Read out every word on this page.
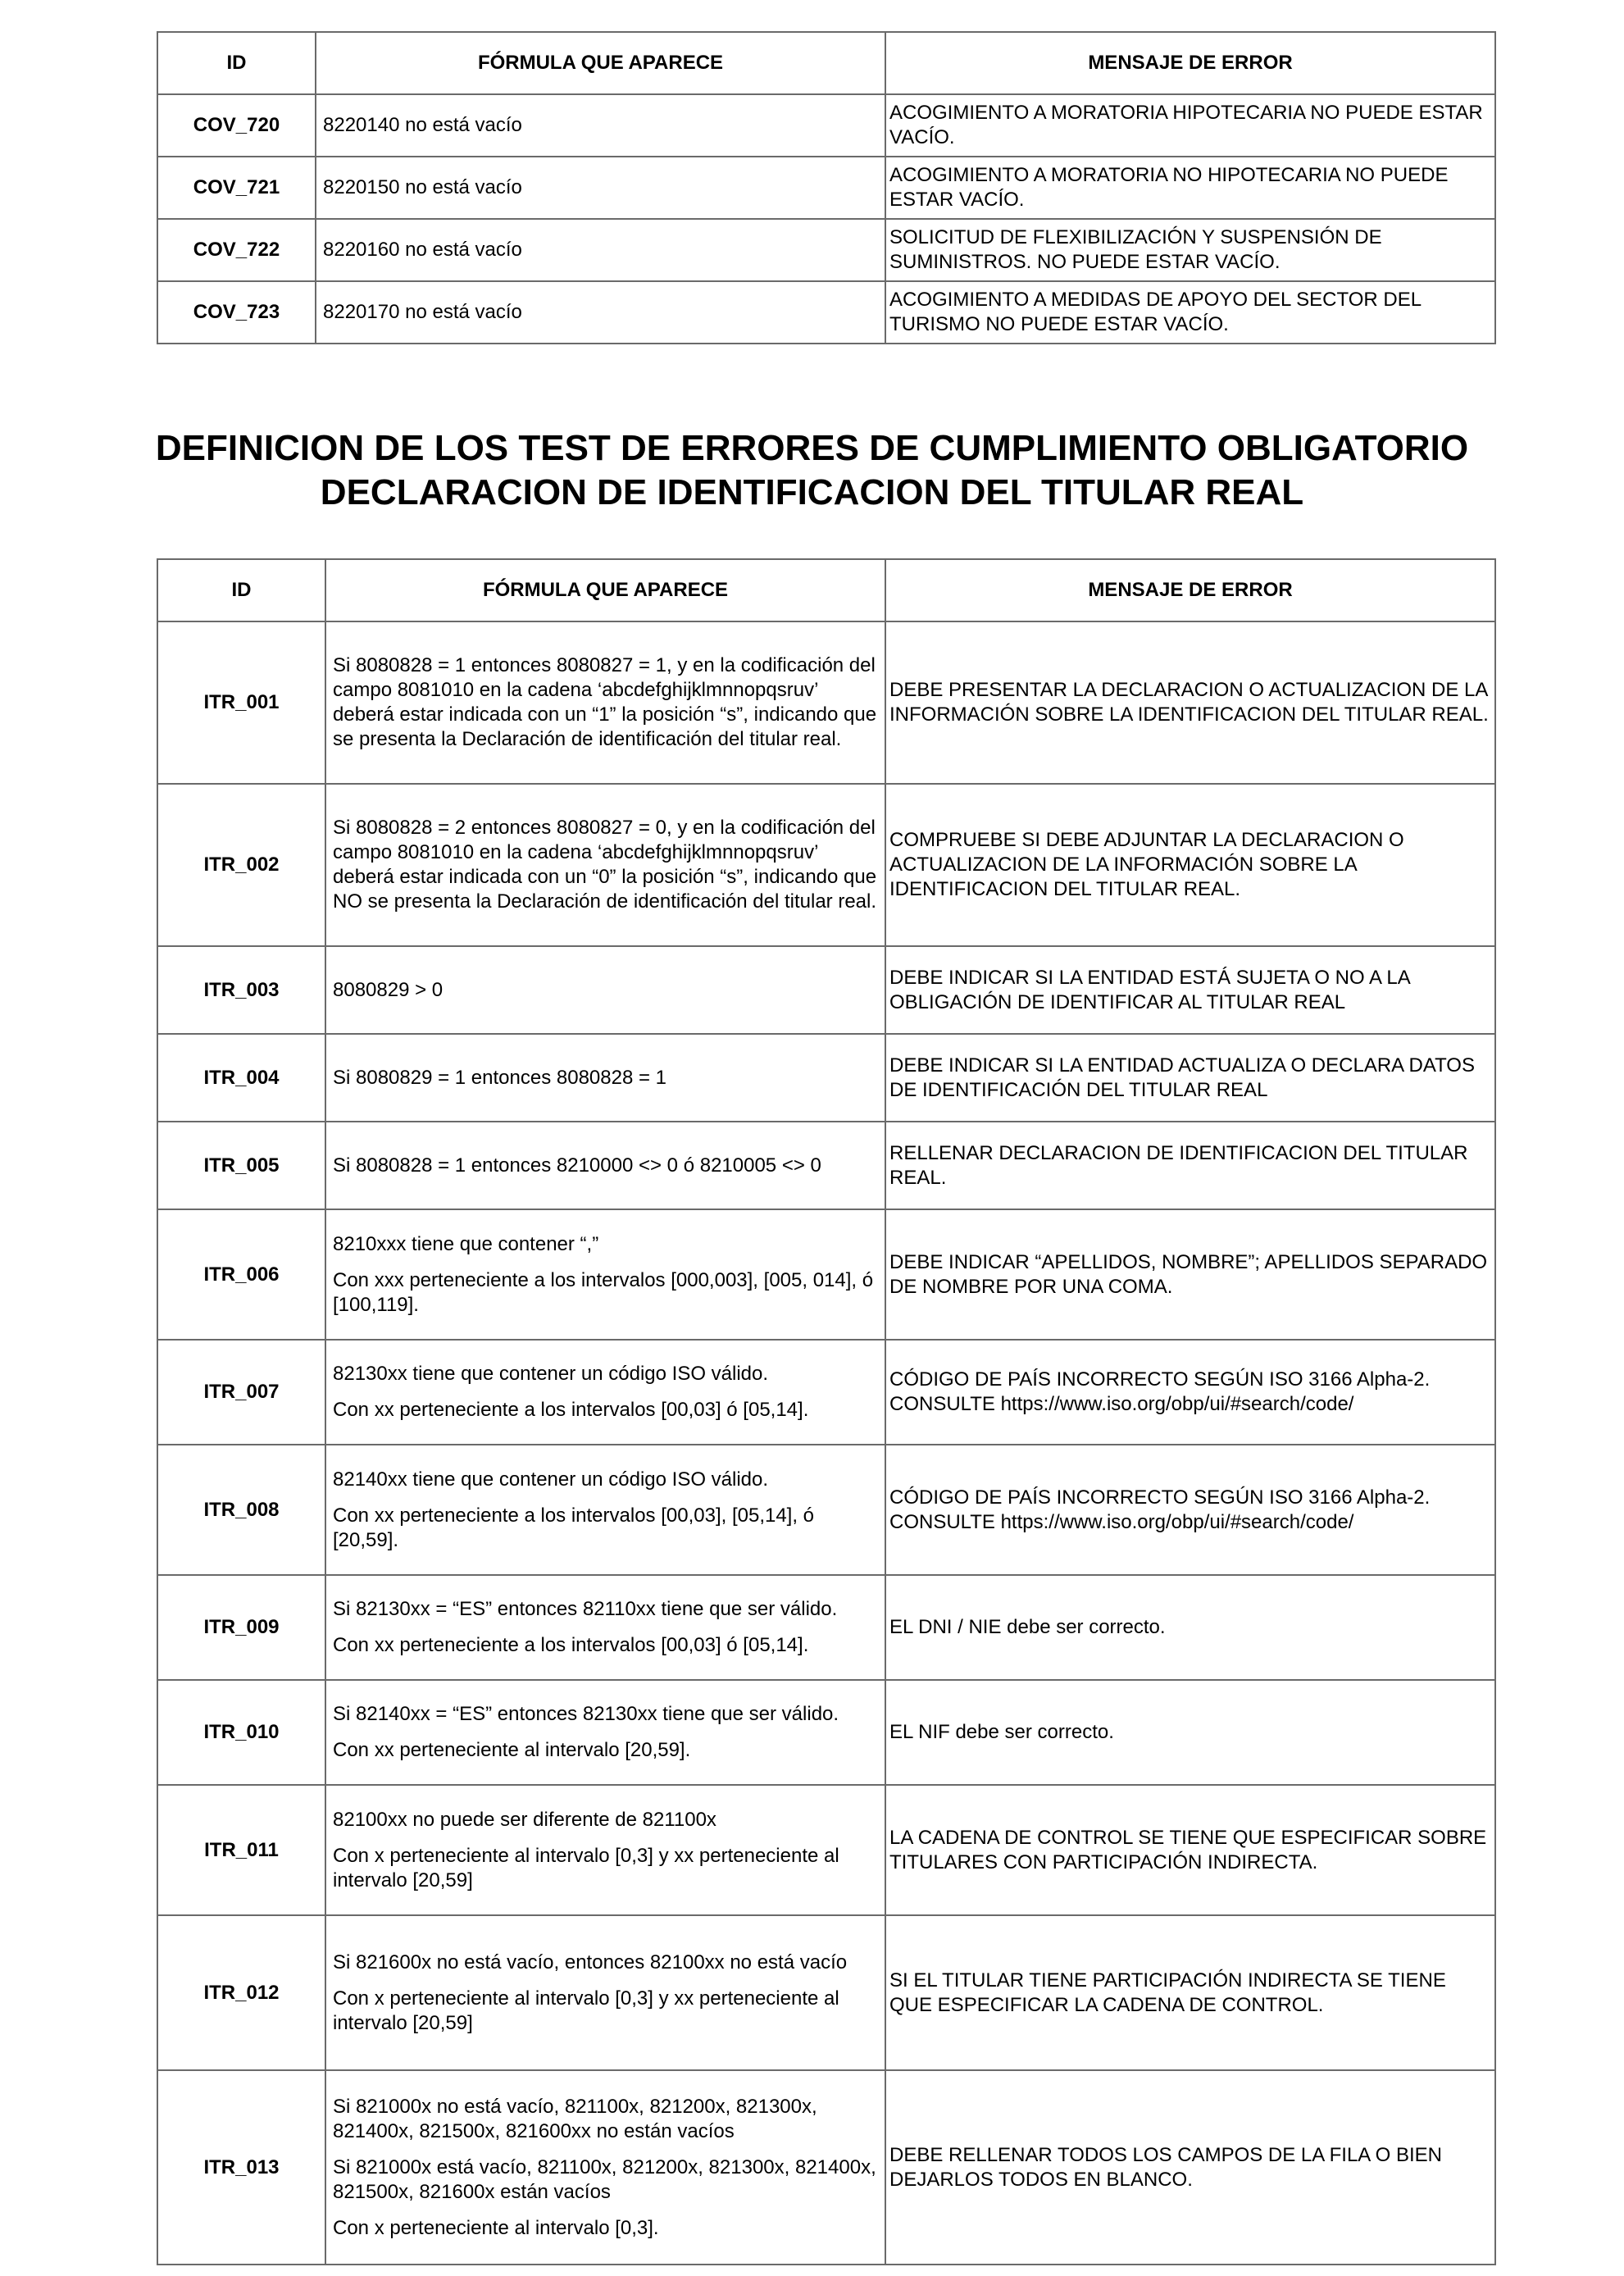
ID	FÓRMULA QUE APARECE	MENSAJE DE ERROR
COV_720	8220140 no está vacío	ACOGIMIENTO A MORATORIA HIPOTECARIA NO PUEDE ESTAR VACÍO.
COV_721	8220150 no está vacío	ACOGIMIENTO A MORATORIA NO HIPOTECARIA NO PUEDE ESTAR VACÍO.
COV_722	8220160 no está vacío	SOLICITUD DE FLEXIBILIZACIÓN Y SUSPENSIÓN DE SUMINISTROS. NO PUEDE ESTAR VACÍO.
COV_723	8220170 no está vacío	ACOGIMIENTO A MEDIDAS DE APOYO DEL SECTOR DEL TURISMO NO PUEDE ESTAR VACÍO.
DEFINICION DE LOS TEST DE ERRORES DE CUMPLIMIENTO OBLIGATORIO
DECLARACION DE IDENTIFICACION DEL TITULAR REAL
ID	FÓRMULA QUE APARECE	MENSAJE DE ERROR
ITR_001	Si 8080828 = 1 entonces 8080827 = 1, y en la codificación del campo 8081010 en la cadena ‘abcdefghijklmnnopqsruv’ deberá estar indicada con un “1” la posición “s”, indicando que se presenta la Declaración de identificación del titular real.	DEBE PRESENTAR LA DECLARACION O ACTUALIZACION DE LA INFORMACIÓN SOBRE LA IDENTIFICACION DEL TITULAR REAL.
ITR_002	Si 8080828 = 2 entonces 8080827 = 0, y en la codificación del campo 8081010 en la cadena ‘abcdefghijklmnnopqsruv’ deberá estar indicada con un “0” la posición “s”, indicando que NO se presenta la Declaración de identificación del titular real.	COMPRUEBE SI DEBE ADJUNTAR LA DECLARACION O ACTUALIZACION DE LA INFORMACIÓN SOBRE LA IDENTIFICACION DEL TITULAR REAL.
ITR_003	8080829 > 0	DEBE INDICAR SI LA ENTIDAD ESTÁ SUJETA O NO A LA OBLIGACIÓN DE IDENTIFICAR AL TITULAR REAL
ITR_004	Si 8080829 = 1 entonces 8080828 = 1	DEBE INDICAR SI LA ENTIDAD ACTUALIZA O DECLARA DATOS DE IDENTIFICACIÓN DEL TITULAR REAL
ITR_005	Si 8080828 = 1 entonces 8210000 <> 0 ó 8210005 <> 0	RELLENAR DECLARACION DE IDENTIFICACION DEL TITULAR REAL.
ITR_006	8210xxx tiene que contener “,”

Con xxx perteneciente a los intervalos [000,003], [005, 014], ó [100,119].	DEBE INDICAR “APELLIDOS, NOMBRE”; APELLIDOS SEPARADO DE NOMBRE POR UNA COMA.
ITR_007	82130xx tiene que contener un código ISO válido.

Con xx perteneciente a los intervalos [00,03] ó [05,14].	CÓDIGO DE PAÍS INCORRECTO SEGÚN ISO 3166 Alpha-2. CONSULTE https://www.iso.org/obp/ui/#search/code/
ITR_008	82140xx tiene que contener un código ISO válido.

Con xx perteneciente a los intervalos [00,03], [05,14], ó [20,59].	CÓDIGO DE PAÍS INCORRECTO SEGÚN ISO 3166 Alpha-2. CONSULTE https://www.iso.org/obp/ui/#search/code/
ITR_009	Si 82130xx = “ES” entonces 82110xx tiene que ser válido.

Con xx perteneciente a los intervalos [00,03] ó [05,14].	EL DNI / NIE debe ser correcto.
ITR_010	Si 82140xx = “ES” entonces 82130xx tiene que ser válido.

Con xx perteneciente al intervalo [20,59].	EL NIF debe ser correcto.
ITR_011	82100xx no puede ser diferente de 821100x

Con x perteneciente al intervalo [0,3] y xx perteneciente al intervalo [20,59]	LA CADENA DE CONTROL SE TIENE QUE ESPECIFICAR SOBRE TITULARES CON PARTICIPACIÓN INDIRECTA.
ITR_012	Si 821600x no está vacío, entonces 82100xx no está vacío

Con x perteneciente al intervalo [0,3] y xx perteneciente al intervalo [20,59]	SI EL TITULAR TIENE PARTICIPACIÓN INDIRECTA SE TIENE QUE ESPECIFICAR LA CADENA DE CONTROL.
ITR_013	Si 821000x no está vacío, 821100x, 821200x, 821300x, 821400x, 821500x, 821600xx no están vacíos

Si 821000x está vacío, 821100x, 821200x, 821300x, 821400x, 821500x, 821600x están vacíos

Con x perteneciente al intervalo [0,3].	DEBE RELLENAR TODOS LOS CAMPOS DE LA FILA O BIEN DEJARLOS TODOS EN BLANCO.
